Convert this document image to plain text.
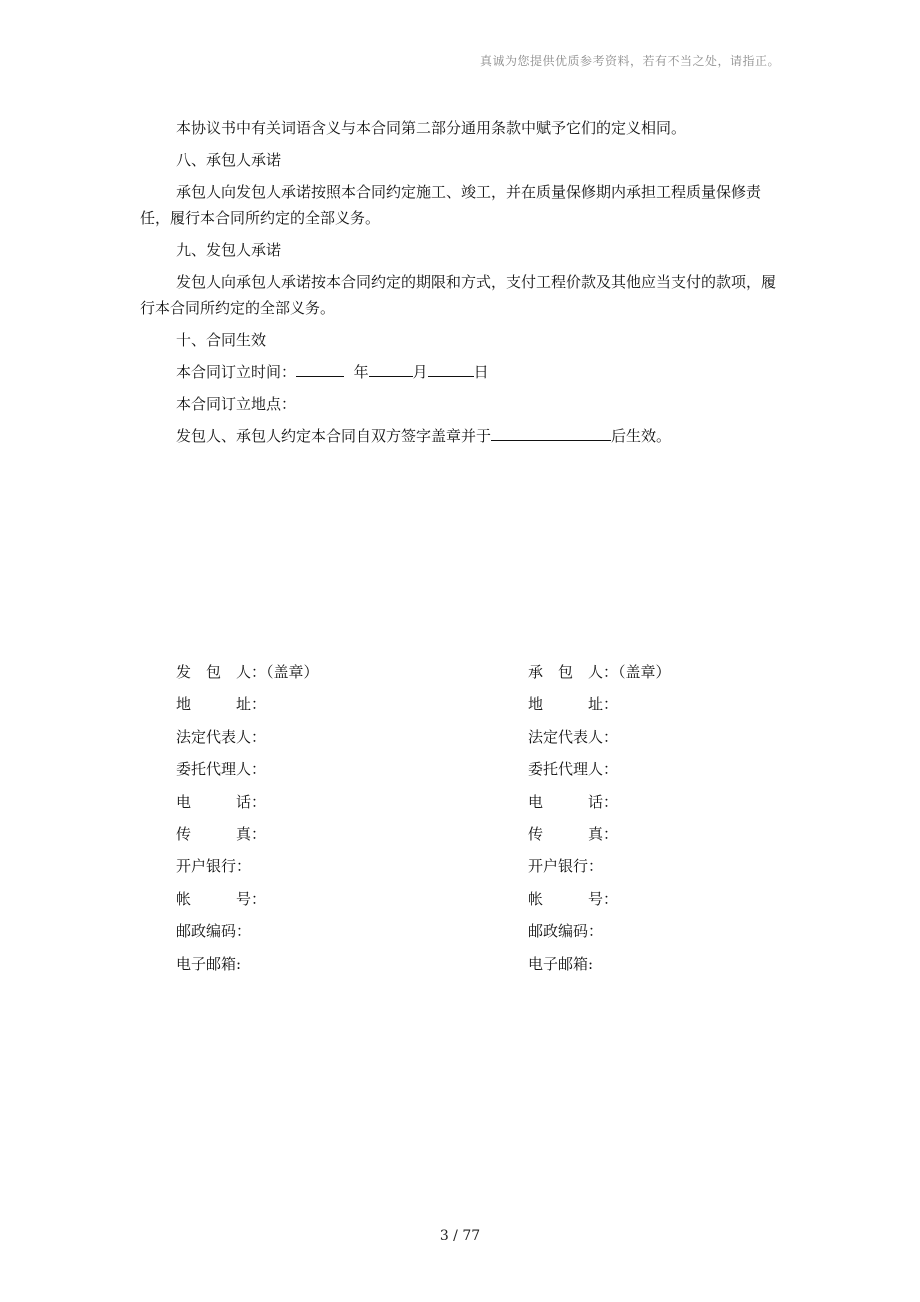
真诚为您提供优质参考资料，若有不当之处，请指正。

本协议书中有关词语含义与本合同第二部分通用条款中赋予它们的定义相同。

八、承包人承诺

承包人向发包人承诺按照本合同约定施工、竣工，并在质量保修期内承担工程质量保修责任，履行本合同所约定的全部义务。

九、发包人承诺

发包人向承包人承诺按本合同约定的期限和方式，支付工程价款及其他应当支付的款项，履行本合同所约定的全部义务。

十、合同生效

本合同订立时间：	年	月	日

本合同订立地点：

发包人、承包人约定本合同自双方签字盖章并于	后生效。

发　包　人：（盖章）
地　　　址：
法定代表人：
委托代理人：
电　　　话：
传　　　真：
开户银行：
帐　　　号：
邮政编码：
电子邮箱:
承　包　人：（盖章）
地　　　址：
法定代表人：
委托代理人：
电　　　话：
传　　　真：
开户银行：
帐　　　号：
邮政编码：
电子邮箱:
3 / 77
